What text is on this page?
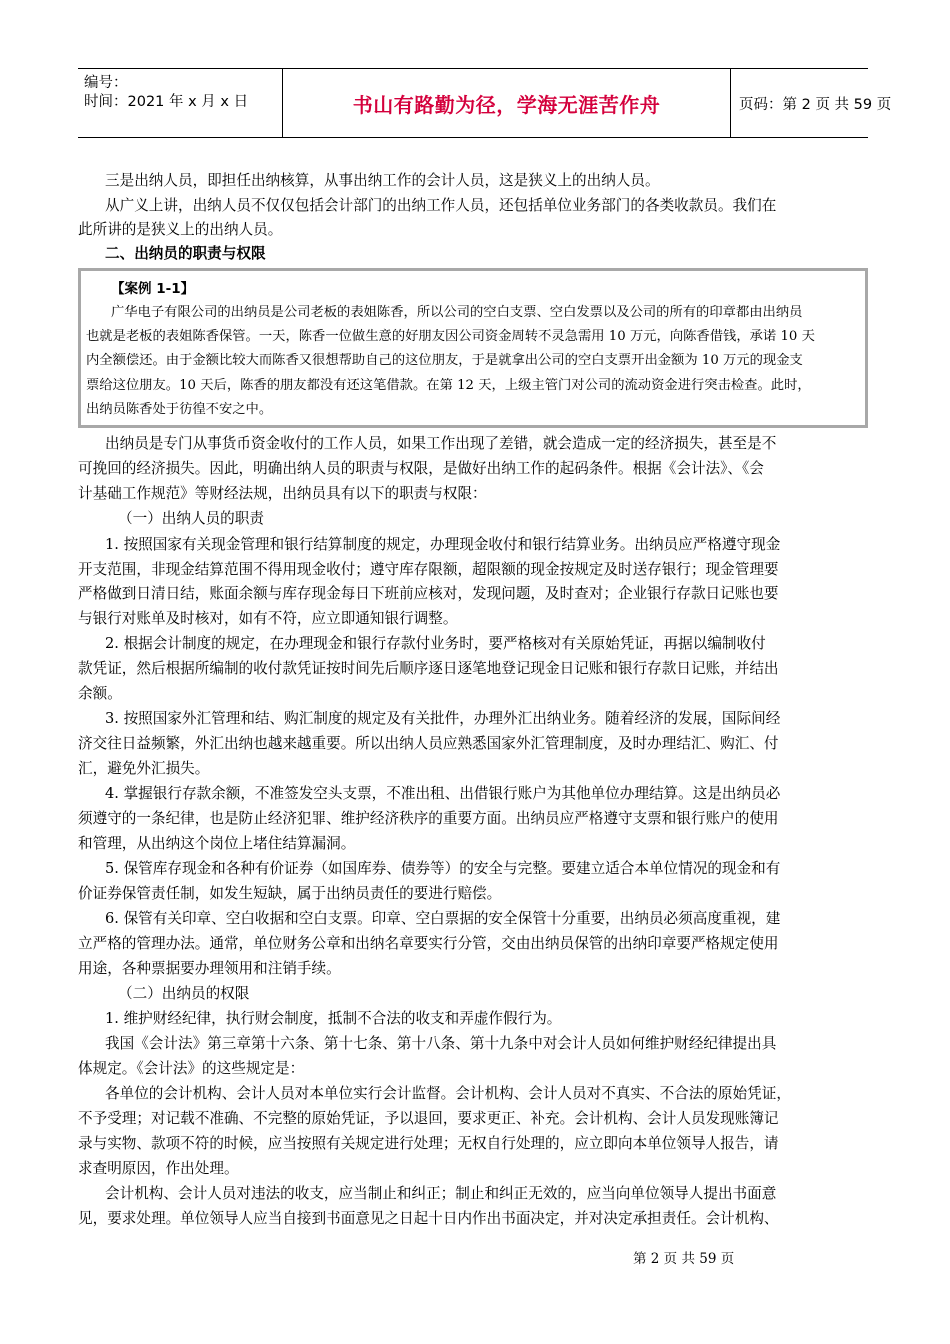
编号：
时间：2021 年 x 月 x 日	书山有路勤为径，学海无涯苦作舟	页码：第 2 页 共 59 页
三是出纳人员，即担任出纳核算，从事出纳工作的会计人员，这是狭义上的出纳人员。
从广义上讲，出纳人员不仅仅包括会计部门的出纳工作人员，还包括单位业务部门的各类收款员。我们在
此所讲的是狭义上的出纳人员。
二、出纳员的职责与权限
【案例 1-1】
广华电子有限公司的出纳员是公司老板的表姐陈香，所以公司的空白支票、空白发票以及公司的所有的印章都由出纳员
也就是老板的表姐陈香保管。一天，陈香一位做生意的好朋友因公司资金周转不灵急需用 10 万元，向陈香借钱，承诺 10 天
内全额偿还。由于金额比较大而陈香又很想帮助自己的这位朋友，于是就拿出公司的空白支票开出金额为 10 万元的现金支
票给这位朋友。10 天后，陈香的朋友都没有还这笔借款。在第 12 天，上级主管门对公司的流动资金进行突击检查。此时，
出纳员陈香处于彷徨不安之中。
出纳员是专门从事货币资金收付的工作人员，如果工作出现了差错，就会造成一定的经济损失，甚至是不
可挽回的经济损失。因此，明确出纳人员的职责与权限，是做好出纳工作的起码条件。根据《会计法》、《会
计基础工作规范》等财经法规，出纳员具有以下的职责与权限：
（一）出纳人员的职责
1. 按照国家有关现金管理和银行结算制度的规定，办理现金收付和银行结算业务。出纳员应严格遵守现金
开支范围，非现金结算范围不得用现金收付；遵守库存限额，超限额的现金按规定及时送存银行；现金管理要
严格做到日清日结，账面余额与库存现金每日下班前应核对，发现问题，及时查对；企业银行存款日记账也要
与银行对账单及时核对，如有不符，应立即通知银行调整。
2. 根据会计制度的规定，在办理现金和银行存款付业务时，要严格核对有关原始凭证，再据以编制收付
款凭证，然后根据所编制的收付款凭证按时间先后顺序逐日逐笔地登记现金日记账和银行存款日记账，并结出
余额。
3. 按照国家外汇管理和结、购汇制度的规定及有关批件，办理外汇出纳业务。随着经济的发展，国际间经
济交往日益频繁，外汇出纳也越来越重要。所以出纳人员应熟悉国家外汇管理制度，及时办理结汇、购汇、付
汇，避免外汇损失。
4. 掌握银行存款余额，不准签发空头支票，不准出租、出借银行账户为其他单位办理结算。这是出纳员必
须遵守的一条纪律，也是防止经济犯罪、维护经济秩序的重要方面。出纳员应严格遵守支票和银行账户的使用
和管理，从出纳这个岗位上堵住结算漏洞。
5. 保管库存现金和各种有价证券（如国库券、债券等）的安全与完整。要建立适合本单位情况的现金和有
价证券保管责任制，如发生短缺，属于出纳员责任的要进行赔偿。
6. 保管有关印章、空白收据和空白支票。印章、空白票据的安全保管十分重要，出纳员必须高度重视，建
立严格的管理办法。通常，单位财务公章和出纳名章要实行分管，交由出纳员保管的出纳印章要严格规定使用
用途，各种票据要办理领用和注销手续。
（二）出纳员的权限
1. 维护财经纪律，执行财会制度，抵制不合法的收支和弄虚作假行为。
我国《会计法》第三章第十六条、第十七条、第十八条、第十九条中对会计人员如何维护财经纪律提出具
体规定。《会计法》的这些规定是：
各单位的会计机构、会计人员对本单位实行会计监督。会计机构、会计人员对不真实、不合法的原始凭证，
不予受理；对记载不准确、不完整的原始凭证，予以退回，要求更正、补充。会计机构、会计人员发现账簿记
录与实物、款项不符的时候，应当按照有关规定进行处理；无权自行处理的，应立即向本单位领导人报告，请
求查明原因，作出处理。
会计机构、会计人员对违法的收支，应当制止和纠正；制止和纠正无效的，应当向单位领导人提出书面意
见，要求处理。单位领导人应当自接到书面意见之日起十日内作出书面决定，并对决定承担责任。会计机构、
第 2 页 共 59 页
